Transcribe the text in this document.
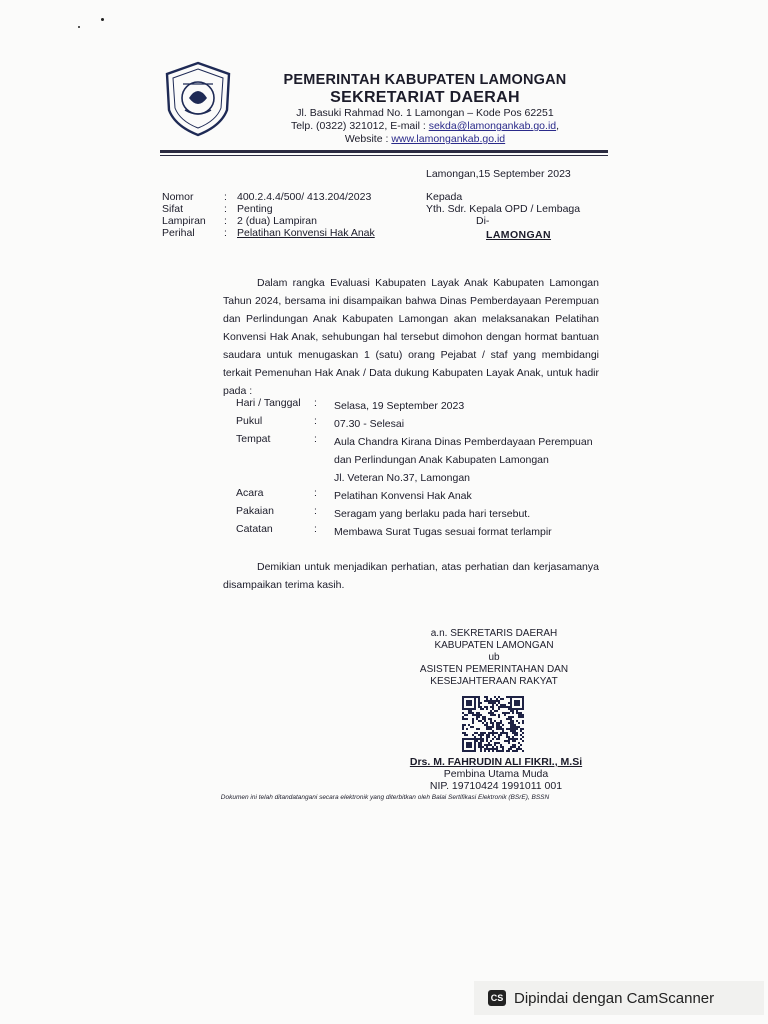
PEMERINTAH KABUPATEN LAMONGAN
SEKRETARIAT DAERAH
Jl. Basuki Rahmad No. 1 Lamongan – Kode Pos 62251
Telp. (0322) 321012, E-mail : sekda@lamongankab.go.id,
Website : www.lamongankab.go.id
Lamongan,15 September 2023
Nomor	: 400.2.4.4/500/ 413.204/2023
Sifat	: Penting
Lampiran	: 2 (dua) Lampiran
Perihal	: Pelatihan Konvensi Hak Anak
Kepada
Yth. Sdr. Kepala OPD / Lembaga
Di-
LAMONGAN

Dalam rangka Evaluasi Kabupaten Layak Anak Kabupaten Lamongan Tahun 2024, bersama ini disampaikan bahwa Dinas Pemberdayaan Perempuan dan Perlindungan Anak Kabupaten Lamongan akan melaksanakan Pelatihan Konvensi Hak Anak, sehubungan hal tersebut dimohon dengan hormat bantuan saudara untuk menugaskan 1 (satu) orang Pejabat / staf yang membidangi terkait Pemenuhan Hak Anak / Data dukung Kabupaten Layak Anak, untuk hadir pada :

Hari / Tanggal	:	Selasa, 19 September 2023
Pukul	:	07.30 - Selesai
Tempat	:	Aula Chandra Kirana Dinas Pemberdayaan Perempuan
dan Perlindungan Anak Kabupaten Lamongan
Jl. Veteran No.37, Lamongan
Acara	:	Pelatihan Konvensi Hak Anak
Pakaian	:	Seragam yang berlaku pada hari tersebut.
Catatan	:	Membawa Surat Tugas sesuai format terlampir

Demikian untuk menjadikan perhatian, atas perhatian dan kerjasamanya disampaikan terima kasih.

a.n. SEKRETARIS DAERAH
KABUPATEN LAMONGAN
ub
ASISTEN PEMERINTAHAN DAN
KESEJAHTERAAN RAKYAT
Drs. M. FAHRUDIN ALI FIKRI., M.Si
Pembina Utama Muda
NIP. 19710424 1991011 001
Dokumen ini telah ditandatangani secara elektronik yang diterbitkan oleh Balai Sertifikasi Elektronik (BSrE), BSSN
CS Dipindai dengan CamScanner
